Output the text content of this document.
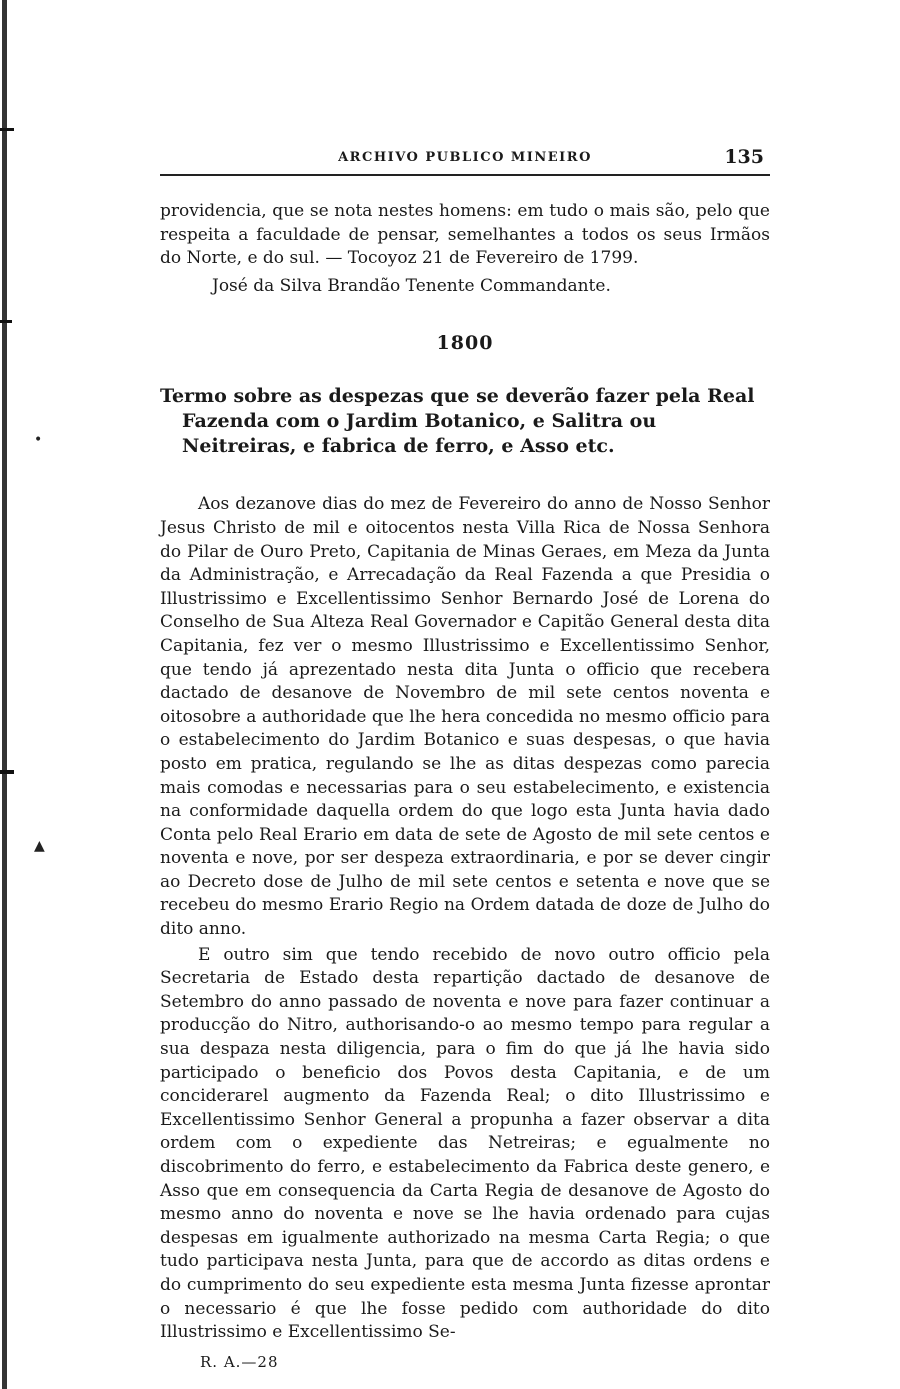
•
▲
ARCHIVO PUBLICO MINEIRO	135

providencia, que se nota nestes homens: em tudo o mais são, pelo que respeita a faculdade de pensar, semelhantes a todos os seus Irmãos do Norte, e do sul. — Tocoyoz 21 de Fevereiro de 1799.

José da Silva Brandão Tenente Commandante.

1800
Termo sobre as despezas que se deverão fazer pela Real Fazenda com o Jardim Botanico, e Salitra ou Neitreiras, e fabrica de ferro, e Asso etc.

Aos dezanove dias do mez de Fevereiro do anno de Nosso Senhor Jesus Christo de mil e oitocentos nesta Villa Rica de Nossa Senhora do Pilar de Ouro Preto, Capitania de Minas Geraes, em Meza da Junta da Administração, e Arrecadação da Real Fazenda a que Presidia o Illustrissimo e Excellentissimo Senhor Bernardo José de Lorena do Conselho de Sua Alteza Real Governador e Capitão General desta dita Capitania, fez ver o mesmo Illustrissimo e Excellentissimo Senhor, que tendo já aprezentado nesta dita Junta o officio que recebera dactado de desanove de Novembro de mil sete centos noventa e oitosobre a authoridade que lhe hera concedida no mesmo officio para o estabelecimento do Jardim Botanico e suas despesas, o que havia posto em pratica, regulando se lhe as ditas despezas como parecia mais comodas e necessarias para o seu estabelecimento, e existencia na conformidade daquella ordem do que logo esta Junta havia dado Conta pelo Real Erario em data de sete de Agosto de mil sete centos e noventa e nove, por ser despeza extraordinaria, e por se dever cingir ao Decreto dose de Julho de mil sete centos e setenta e nove que se recebeu do mesmo Erario Regio na Ordem datada de doze de Julho do dito anno.

E outro sim que tendo recebido de novo outro officio pela Secretaria de Estado desta repartição dactado de desanove de Setembro do anno passado de noventa e nove para fazer continuar a producção do Nitro, authorisando-o ao mesmo tempo para regular a sua despaza nesta diligencia, para o fim do que já lhe havia sido participado o beneficio dos Povos desta Capitania, e de um conciderarel augmento da Fazenda Real; o dito Illustrissimo e Excellentissimo Senhor General a propunha a fazer observar a dita ordem com o expediente das Netreiras; e egualmente no discobrimento do ferro, e estabelecimento da Fabrica deste genero, e Asso que em consequencia da Carta Regia de desanove de Agosto do mesmo anno do noventa e nove se lhe havia ordenado para cujas despesas em igualmente authorizado na mesma Carta Regia; o que tudo participava nesta Junta, para que de accordo as ditas ordens e do cumprimento do seu expediente esta mesma Junta fizesse aprontar o necessario é que lhe fosse pedido com authoridade do dito Illustrissimo e Excellentissimo Se-

R. A.—28
